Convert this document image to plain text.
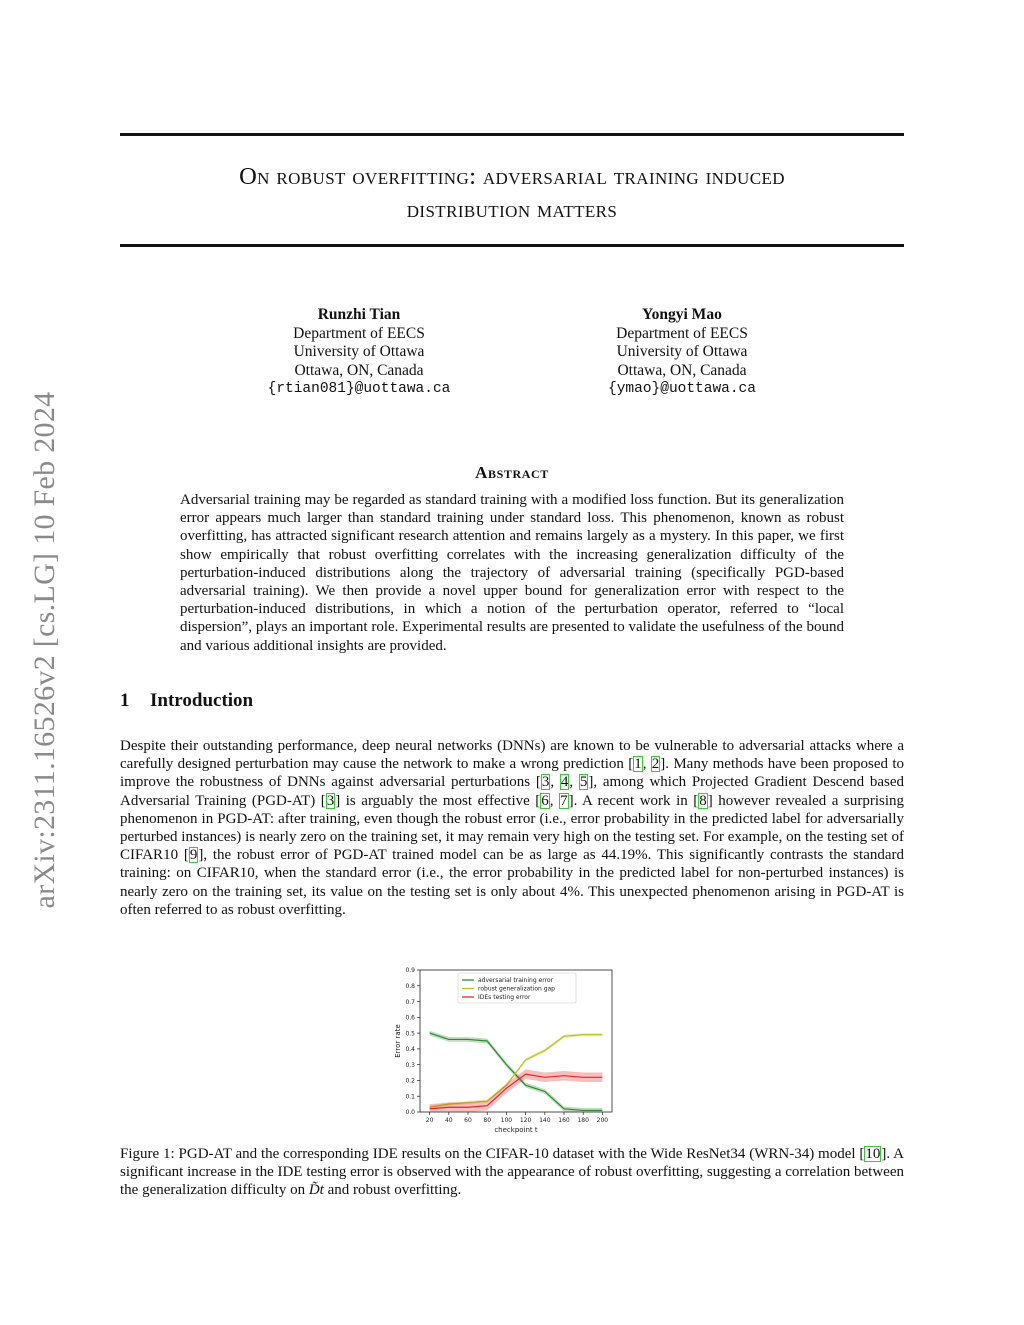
arXiv:2311.16526v2 [cs.LG] 10 Feb 2024
On robust overfitting: adversarial training induced
distribution matters
Runzhi Tian
Department of EECS
University of Ottawa
Ottawa, ON, Canada
{rtian081}@uottawa.ca
Yongyi Mao
Department of EECS
University of Ottawa
Ottawa, ON, Canada
{ymao}@uottawa.ca
Abstract
Adversarial training may be regarded as standard training with a modified loss function. But its generalization error appears much larger than standard training under standard loss. This phenomenon, known as robust overfitting, has attracted significant research attention and remains largely as a mystery. In this paper, we first show empirically that robust overfitting correlates with the increasing generalization difficulty of the perturbation-induced distributions along the trajectory of adversarial training (specifically PGD-based adversarial training). We then provide a novel upper bound for generalization error with respect to the perturbation-induced distributions, in which a notion of the perturbation operator, referred to “local dispersion”, plays an important role. Experimental results are presented to validate the usefulness of the bound and various additional insights are provided.
1 Introduction
Despite their outstanding performance, deep neural networks (DNNs) are known to be vulnerable to adversarial attacks where a carefully designed perturbation may cause the network to make a wrong prediction [1, 2]. Many methods have been proposed to improve the robustness of DNNs against adversarial perturbations [3, 4, 5], among which Projected Gradient Descend based Adversarial Training (PGD-AT) [3] is arguably the most effective [6, 7]. A recent work in [8] however revealed a surprising phenomenon in PGD-AT: after training, even though the robust error (i.e., error probability in the predicted label for adversarially perturbed instances) is nearly zero on the training set, it may remain very high on the testing set. For example, on the testing set of CIFAR10 [9], the robust error of PGD-AT trained model can be as large as 44.19%. This significantly contrasts the standard training: on CIFAR10, when the standard error (i.e., the error probability in the predicted label for non-perturbed instances) is nearly zero on the training set, its value on the testing set is only about 4%. This unexpected phenomenon arising in PGD-AT is often referred to as robust overfitting.
0.0
0.1
0.2
0.3
0.4
0.5
0.6
0.7
0.8
0.9
20 40 60 80 100 120 140 160 180 200
checkpoint t
Error rate
adversarial training error
robust generalization gap
IDEs testing error
Figure 1: PGD-AT and the corresponding IDE results on the CIFAR-10 dataset with the Wide ResNet34 (WRN-34) model [10]. A significant increase in the IDE testing error is observed with the appearance of robust overfitting, suggesting a correlation between the generalization difficulty on D̃t and robust overfitting.
